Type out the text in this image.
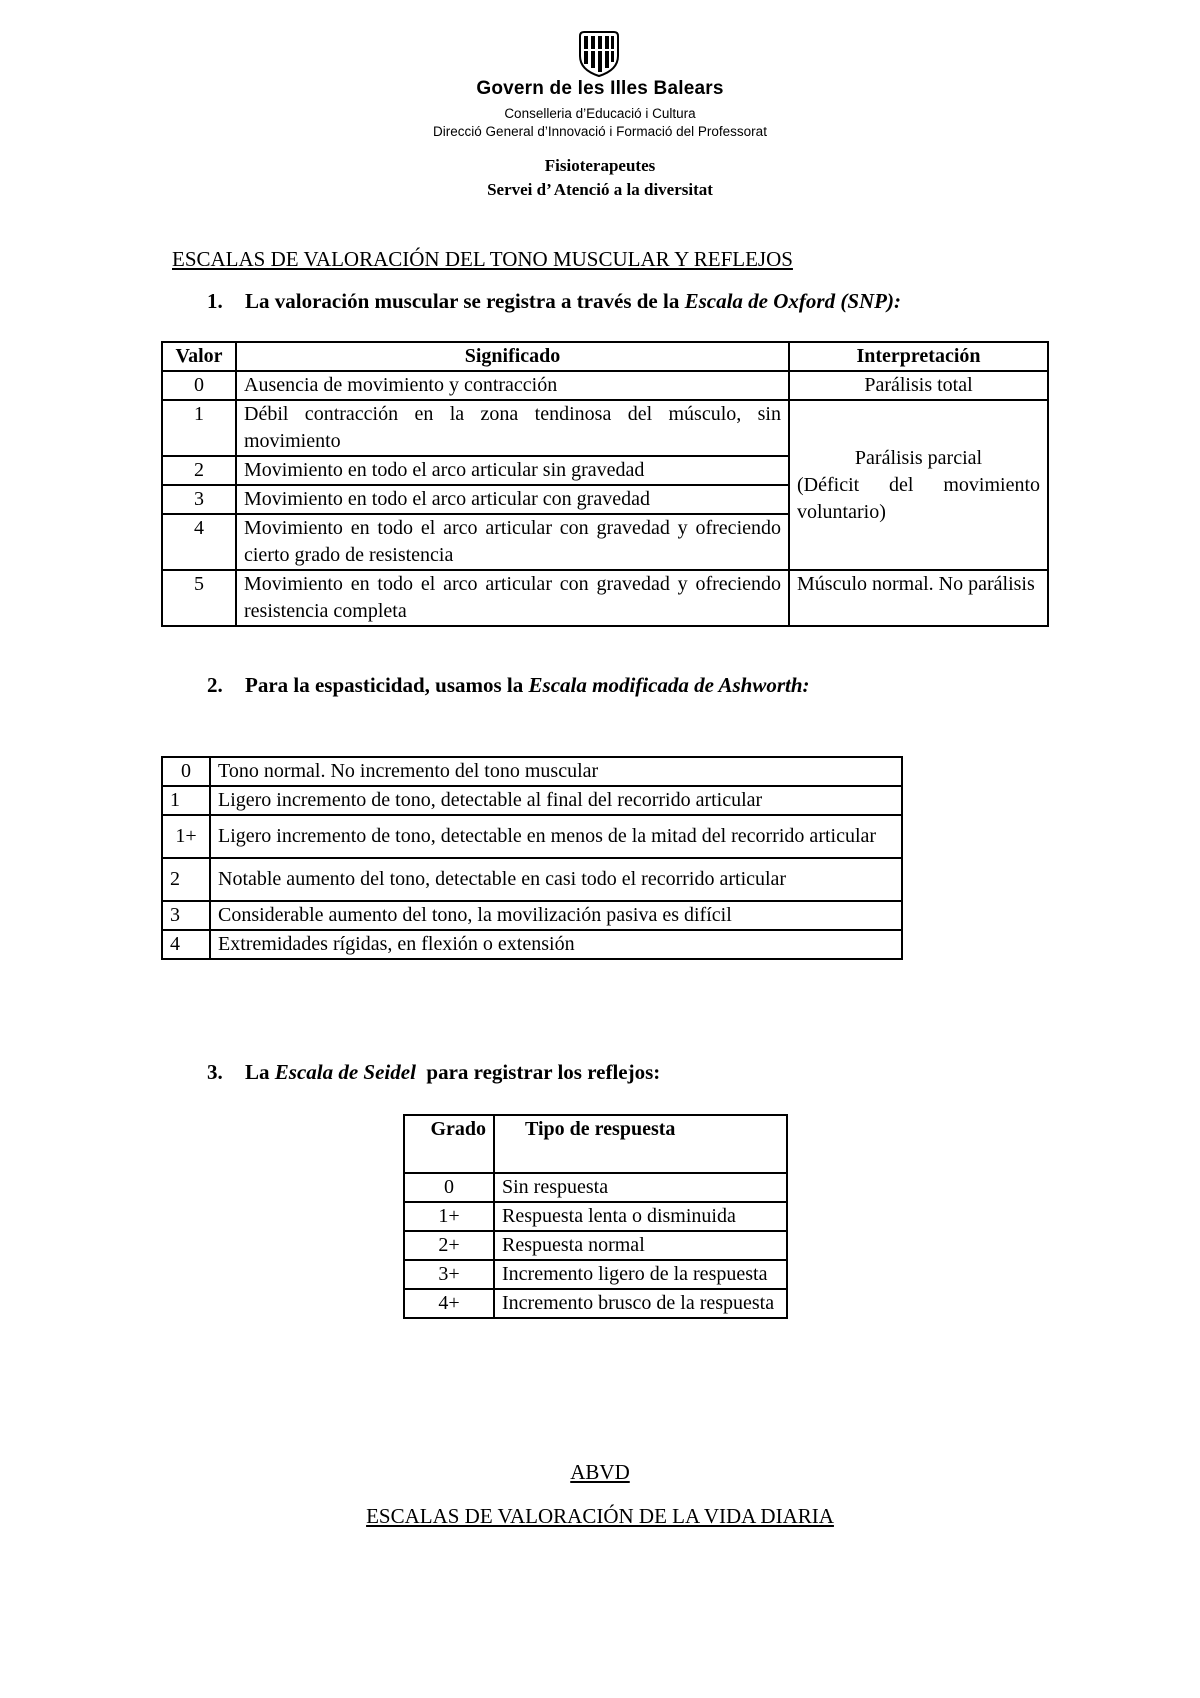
Govern de les Illes Balears
Conselleria d’Educació i Cultura
Direcció General d’Innovació i Formació del Professorat
Fisioterapeutes
Servei d’ Atenció a la diversitat
ESCALAS DE VALORACIÓN DEL TONO MUSCULAR Y REFLEJOS
1. La valoración muscular se registra a través de la Escala de Oxford (SNP):
Valor	Significado	Interpretación
0	Ausencia de movimiento y contracción	Parálisis total
1	Débil contracción en la zona tendinosa del músculo, sin movimiento	Parálisis parcial
(Déficit del movimiento voluntario)

2	Movimiento en todo el arco articular sin gravedad	
3	Movimiento en todo el arco articular con gravedad	
4	Movimiento en todo el arco articular con gravedad y ofreciendo cierto grado de resistencia	
5	Movimiento en todo el arco articular con gravedad y ofreciendo resistencia completa	Músculo normal. No parálisis
2. Para la espasticidad, usamos la Escala modificada de Ashworth:
0	Tono normal. No incremento del tono muscular
1	Ligero incremento de tono, detectable al final del recorrido articular
1+	Ligero incremento de tono, detectable en menos de la mitad del recorrido articular
2	Notable aumento del tono, detectable en casi todo el recorrido articular
3	Considerable aumento del tono, la movilización pasiva es difícil
4	Extremidades rígidas, en flexión o extensión
3. La Escala de Seidel  para registrar los reflejos:
Grado	Tipo de respuesta
0	Sin respuesta
1+	Respuesta lenta o disminuida
2+	Respuesta normal
3+	Incremento ligero de la respuesta
4+	Incremento brusco de la respuesta
ABVD
ESCALAS DE VALORACIÓN DE LA VIDA DIARIA
